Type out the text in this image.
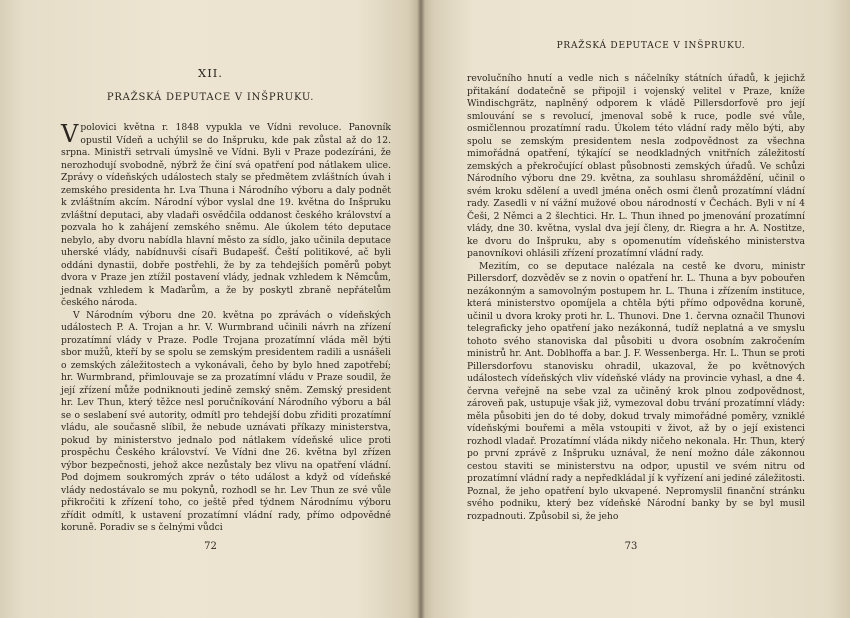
XII.
PRAŽSKÁ DEPUTACE V INŠPRUKU.

Vpolovici května r. 1848 vypukla ve Vídni revoluce. Panovník opustil Vídeň a uchýlil se do Inšpruku, kde pak zůstal až do 12. srpna. Ministři setrvali úmyslně ve Vídni. Byli v Praze podezíráni, že nerozhodují svobodně, nýbrž že činí svá opatření pod nátlakem ulice. Zprávy o vídeňských událostech staly se předmětem zvláštních úvah i zemského presidenta hr. Lva Thuna i Národního výboru a daly podnět k zvláštním akcím. Národní výbor vyslal dne 19. května do Inšpruku zvláštní deputaci, aby vladaři osvědčila oddanost českého království a pozvala ho k zahájení zemského sněmu. Ale úkolem této deputace nebylo, aby dvoru nabídla hlavní město za sídlo, jako učinila deputace uherské vlády, nabídnuvši císaři Budapešť. Čeští politikové, ač byli oddáni dynastii, dobře postřehli, že by za tehdejších poměrů pobyt dvora v Praze jen ztížil postavení vlády, jednak vzhledem k Němcům, jednak vzhledem k Maďarům, a že by poskytl zbraně nepřátelům českého národa.

V Národním výboru dne 20. května po zprávách o vídeňských událostech P. A. Trojan a hr. V. Wurmbrand učinili návrh na zřízení prozatímní vlády v Praze. Podle Trojana prozatímní vláda měl býti sbor mužů, kteří by se spolu se zemským presidentem radili a usnášeli o zemských záležitostech a vykonávali, čeho by bylo hned zapotřebí; hr. Wurmbrand, přimlouvaje se za prozatímní vládu v Praze soudil, že její zřízení může podniknouti jedině zemský sněm. Zemský president hr. Lev Thun, který těžce nesl poručníkování Národního výboru a bál se o seslabení své autority, odmítl pro tehdejší dobu zřiditi prozatímní vládu, ale současně slíbil, že nebude uznávati příkazy ministerstva, pokud by ministerstvo jednalo pod nátlakem vídeňské ulice proti prospěchu Českého království. Ve Vídni dne 26. května byl zřízen výbor bezpečnosti, jehož akce nezůstaly bez vlivu na opatření vládní. Pod dojmem soukromých zpráv o této událost a když od vídeňské vlády nedostávalo se mu pokynů, rozhodl se hr. Lev Thun ze své vůle přikročiti k zřízení toho, co ještě před týdnem Národnímu výboru zřídit odmítl, k ustavení prozatímní vládní rady, přímo odpovědné koruně. Poradiv se s čelnými vůdci

72
PRAŽSKÁ DEPUTACE V INŠPRUKU.

revolučního hnutí a vedle nich s náčelníky státních úřadů, k jejichž přitakání dodatečně se připojil i vojenský velitel v Praze, kníže Windischgrätz, naplněný odporem k vládě Pillersdorfově pro její smlouvání se s revolucí, jmenoval sobě k ruce, podle své vůle, osmičlennou prozatímní radu. Úkolem této vládní rady mělo býti, aby spolu se zemským presidentem nesla zodpovědnost za všechna mimořádná opatření, týkající se neodkladných vnitřních záležitostí zemských a překročující oblast působnosti zemských úřadů. Ve schůzi Národního výboru dne 29. května, za souhlasu shromáždění, učinil o svém kroku sdělení a uvedl jména oněch osmi členů prozatímní vládní rady. Zasedli v ní vážní mužové obou národností v Čechách. Byli v ní 4 Češi, 2 Němci a 2 šlechtici. Hr. L. Thun ihned po jmenování prozatímní vlády, dne 30. května, vyslal dva její členy, dr. Riegra a hr. A. Nostitze, ke dvoru do Inšpruku, aby s opomenutím vídeňského ministerstva panovníkovi ohlásili zřízení prozatímní vládní rady.

Mezitím, co se deputace nalézala na cestě ke dvoru, ministr Pillersdorf, dozvěděv se z novin o opatření hr. L. Thuna a byv pobouřen nezákonným a samovolným postupem hr. L. Thuna i zřízením instituce, která ministerstvo opomíjela a chtěla býti přímo odpovědna koruně, učinil u dvora kroky proti hr. L. Thunovi. Dne 1. června označil Thunovi telegraficky jeho opatření jako nezákonná, tudíž neplatná a ve smyslu tohoto svého stanoviska dal působiti u dvora osobním zakročením ministrů hr. Ant. Doblhoffa a bar. J. F. Wessenberga. Hr. L. Thun se proti Pillersdorfovu stanovisku ohradil, ukazoval, že po květnových událostech vídeňských vliv vídeňské vlády na provincie vyhasl, a dne 4. června veřejně na sebe vzal za učiněný krok plnou zodpovědnost, zároveň pak, ustupuje však již, vymezoval dobu trvání prozatímní vlády: měla působiti jen do té doby, dokud trvaly mimořádné poměry, vzniklé vídeňskými bouřemi a měla vstoupiti v život, až by o její existenci rozhodl vladař. Prozatímní vláda nikdy ničeho nekonala. Hr. Thun, který po první zprávě z Inšpruku uznával, že není možno dále zákonnou cestou staviti se ministerstvu na odpor, upustil ve svém nitru od prozatímní vládní rady a nepředkládal jí k vyřízení ani jediné záležitosti. Poznal, že jeho opatření bylo ukvapené. Nepromyslil finanční stránku svého podniku, který bez vídeňské Národní banky by se byl musil rozpadnouti. Způsobil si, že jeho

73
